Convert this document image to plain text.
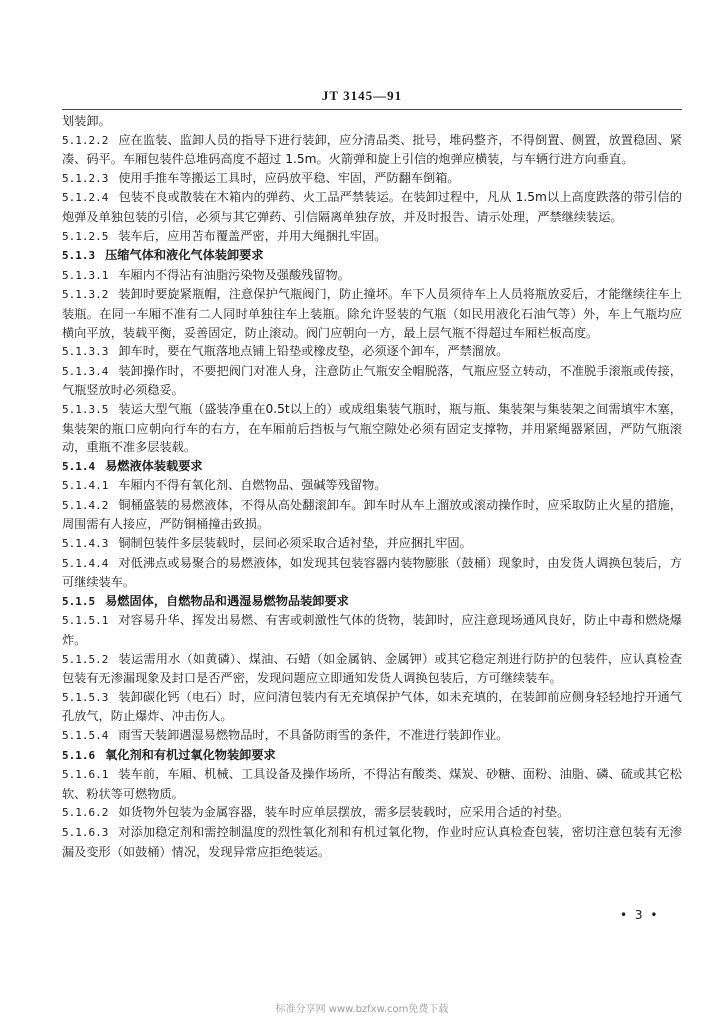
JT 3145—91

划装卸。

5.1.2.2 应在监装、监卸人员的指导下进行装卸，应分清品类、批号，堆码整齐，不得倒置、侧置，放置稳固、紧凑、码平。车厢包装件总堆码高度不超过 1.5m。火箭弹和旋上引信的炮弹应横装，与车辆行进方向垂直。

5.1.2.3 使用手推车等搬运工具时，应码放平稳、牢固，严防翻车倒箱。

5.1.2.4 包装不良或散装在木箱内的弹药、火工品严禁装运。在装卸过程中，凡从 1.5m以上高度跌落的带引信的炮弹及单独包装的引信，必须与其它弹药、引信隔离单独存放，并及时报告、请示处理，严禁继续装运。

5.1.2.5 装车后，应用苫布覆盖严密，并用大绳捆扎牢固。

5.1.3 压缩气体和液化气体装卸要求

5.1.3.1 车厢内不得沾有油脂污染物及强酸残留物。

5.1.3.2 装卸时要旋紧瓶帽，注意保护气瓶阀门，防止撞坏。车下人员须待车上人员将瓶放妥后，才能继续往车上装瓶。在同一车厢不准有二人同时单独往车上装瓶。除允许竖装的气瓶（如民用液化石油气等）外，车上气瓶均应横向平放，装载平衡，妥善固定，防止滚动。阀门应朝向一方，最上层气瓶不得超过车厢栏板高度。

5.1.3.3 卸车时，要在气瓶落地点铺上铅垫或橡皮垫，必须逐个卸车，严禁溜放。

5.1.3.4 装卸操作时，不要把阀门对准人身，注意防止气瓶安全帽脱落，气瓶应竖立转动，不准脱手滚瓶或传接，气瓶竖放时必须稳妥。

5.1.3.5 装运大型气瓶（盛装净重在0.5t以上的）或成组集装气瓶时，瓶与瓶、集装架与集装架之间需填牢木塞，集装架的瓶口应朝向行车的右方，在车厢前后挡板与气瓶空隙处必须有固定支撑物，并用紧绳器紧固，严防气瓶滚动，重瓶不准多层装载。

5.1.4 易燃液体装载要求

5.1.4.1 车厢内不得有氧化剂、自燃物品、强碱等残留物。

5.1.4.2 铜桶盛装的易燃液体，不得从高处翻滚卸车。卸车时从车上溜放或滚动操作时，应采取防止火星的措施，周围需有人接应，严防铜桶撞击致损。

5.1.4.3 铜制包装件多层装载时，层间必须采取合适衬垫，并应捆扎牢固。

5.1.4.4 对低沸点或易聚合的易燃液体，如发现其包装容器内装物膨胀（鼓桶）现象时，由发货人调换包装后，方可继续装车。

5.1.5 易燃固体，自燃物品和遇湿易燃物品装卸要求

5.1.5.1 对容易升华、挥发出易燃、有害或刺激性气体的货物，装卸时，应注意现场通风良好，防止中毒和燃烧爆炸。

5.1.5.2 装运需用水（如黄磷）、煤油、石蜡（如金属钠、金属钾）或其它稳定剂进行防护的包装件，应认真检查包装有无渗漏现象及封口是否严密，发现问题应立即通知发货人调换包装后，方可继续装车。

5.1.5.3 装卸碳化钙（电石）时，应问清包装内有无充填保护气体，如未充填的，在装卸前应侧身轻轻地拧开通气孔放气，防止爆炸、冲击伤人。

5.1.5.4 雨雪天装卸遇湿易燃物品时，不具备防雨雪的条件，不准进行装卸作业。

5.1.6 氧化剂和有机过氧化物装卸要求

5.1.6.1 装车前，车厢、机械、工具设备及操作场所，不得沾有酸类、煤炭、砂糖、面粉、油脂、磷、硫或其它松软、粉状等可燃物质。

5.1.6.2 如货物外包装为金属容器，装车时应单层摆放，需多层装载时，应采用合适的衬垫。

5.1.6.3 对添加稳定剂和需控制温度的烈性氧化剂和有机过氧化物，作业时应认真检查包装，密切注意包装有无渗漏及变形（如鼓桶）情况，发现异常应拒绝装运。

• 3 •
标准分享网 www.bzfxw.com免费下载
